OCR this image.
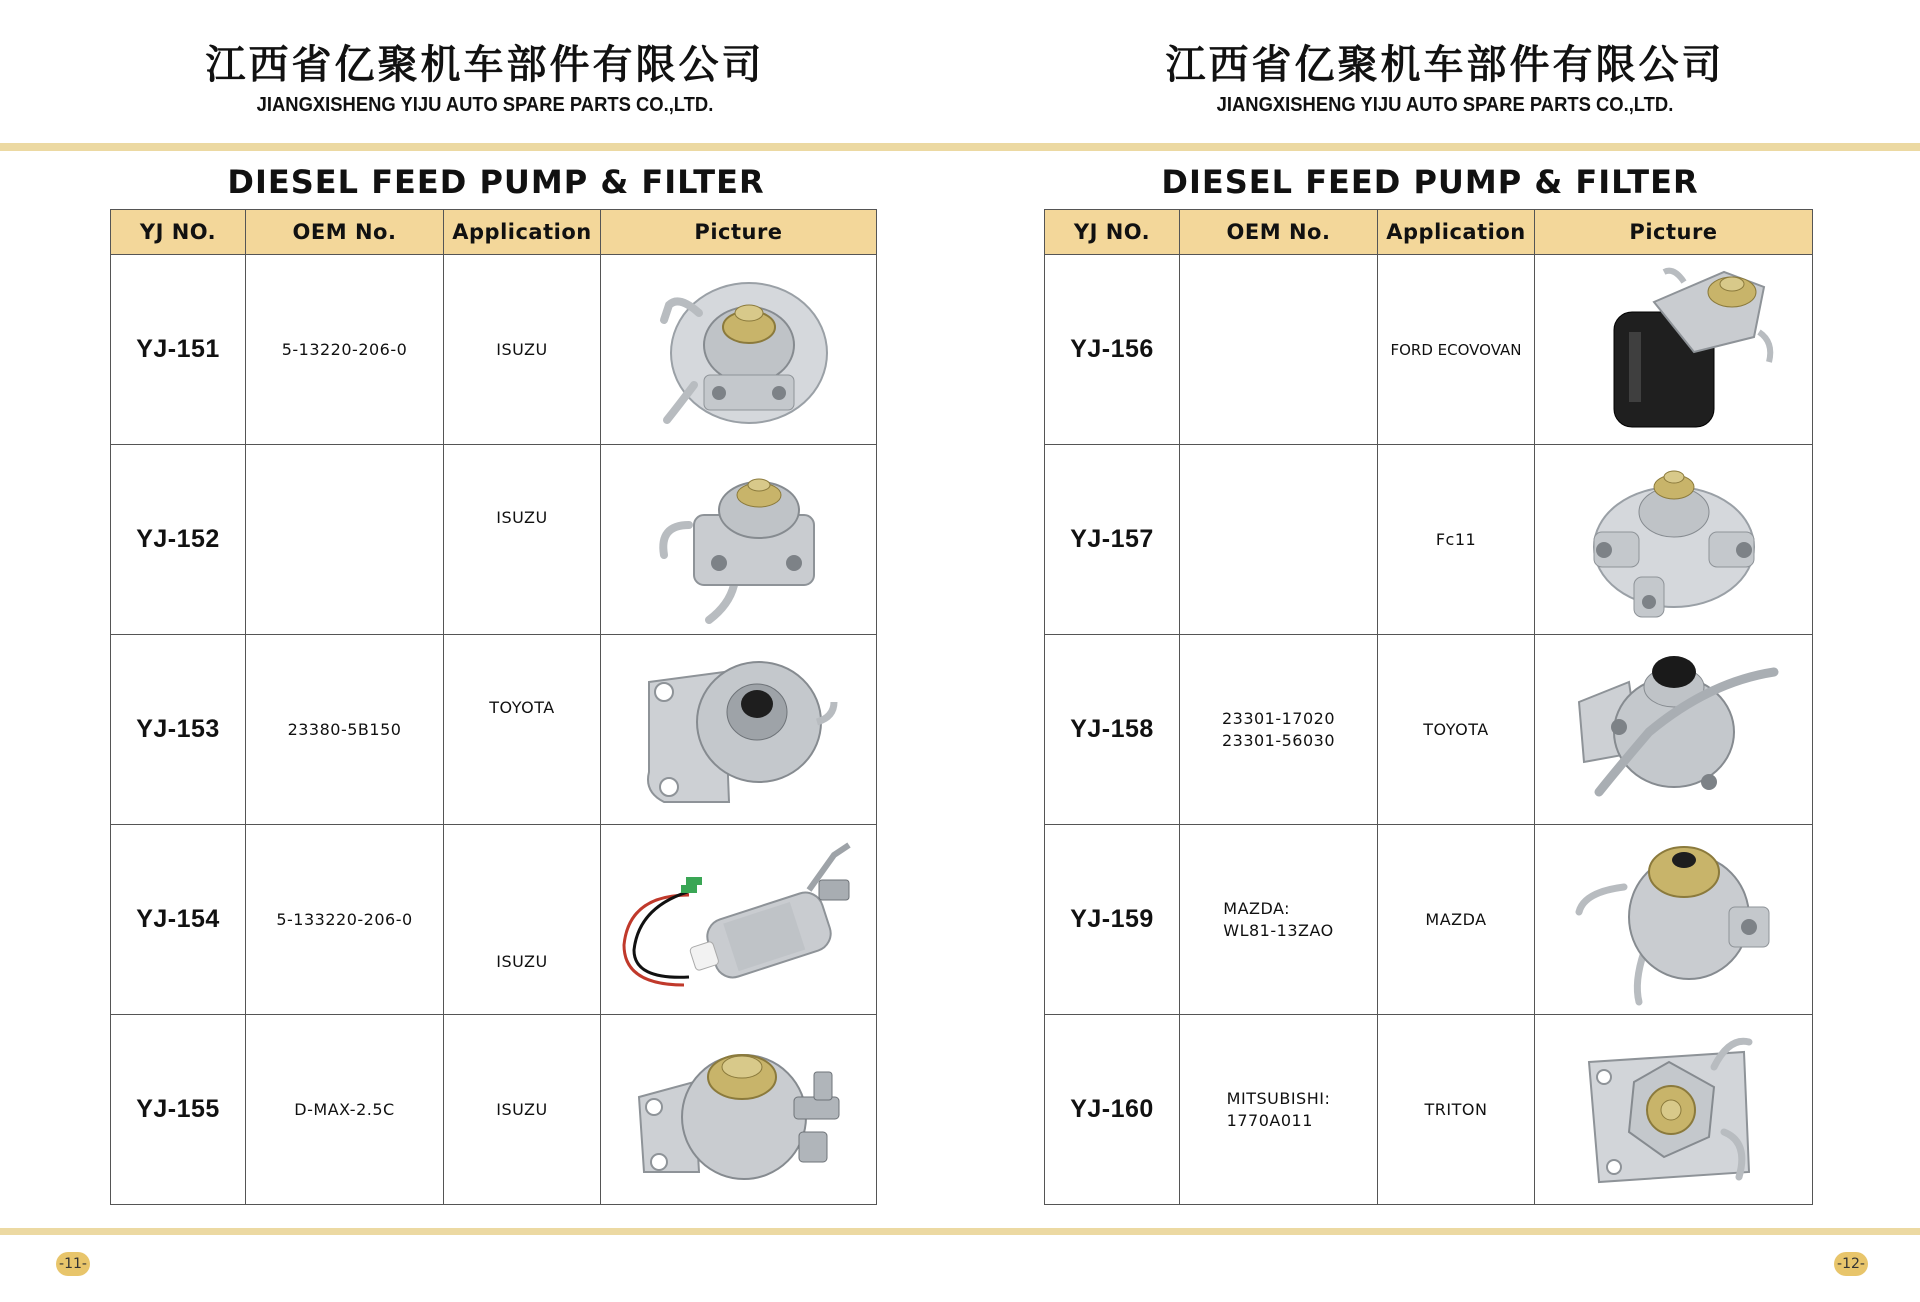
江西省亿聚机车部件有限公司
JIANGXISHENG YIJU AUTO SPARE PARTS CO.,LTD.
江西省亿聚机车部件有限公司
JIANGXISHENG YIJU AUTO SPARE PARTS CO.,LTD.
DIESEL FEED PUMP & FILTER	DIESEL FEED PUMP & FILTER
YJ NO.	OEM No.	Application	Picture
YJ-151	5-13220-206-0	ISUZU	

YJ-152		ISUZU

YJ-153	23380-5B150	TOYOTA

YJ-154	5-133220-206-0	ISUZU

YJ-155	D-MAX-2.5C	ISUZU	
YJ NO.	OEM No.	Application	Picture
YJ-156		FORD ECOVOVAN	

YJ-157		Fc11	

YJ-158	23301-17020
23301-56030	TOYOTA	

YJ-159	MAZDA:
WL81-13ZAO	MAZDA	

YJ-160	MITSUBISHI:
1770A011	TRITON	
-11-	-12-
